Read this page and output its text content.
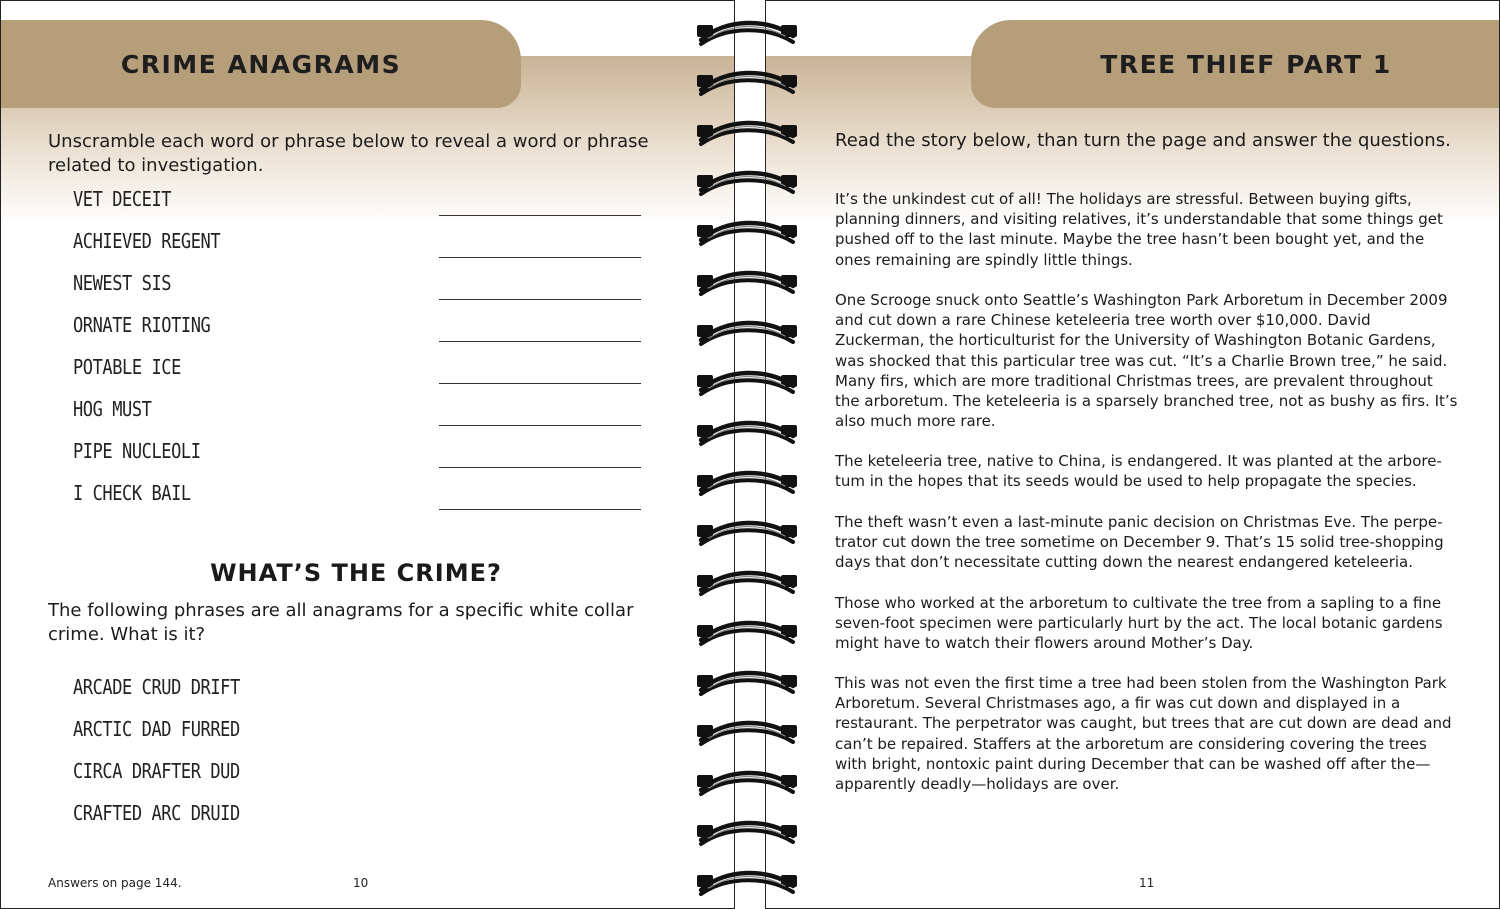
CRIME ANAGRAMS
Unscramble each word or phrase below to reveal a word or phrase related to investigation.
VET DECEIT
ACHIEVED REGENT
NEWEST SIS
ORNATE RIOTING
POTABLE ICE
HOG MUST
PIPE NUCLEOLI
I CHECK BAIL
WHAT’S THE CRIME?
The following phrases are all anagrams for a specific white collar crime. What is it?
ARCADE CRUD DRIFT
ARCTIC DAD FURRED
CIRCA DRAFTER DUD
CRAFTED ARC DRUID
Answers on page 144.	10
TREE THIEF PART 1
Read the story below, than turn the page and answer the questions.

It’s the unkindest cut of all! The holidays are stressful. Between buying gifts, planning dinners, and visiting relatives, it’s understandable that some things get pushed off to the last minute. Maybe the tree hasn’t been bought yet, and the ones remaining are spindly little things.

One Scrooge snuck onto Seattle’s Washington Park Arboretum in December 2009 and cut down a rare Chinese keteleeria tree worth over $10,000. David Zuckerman, the horticulturist for the University of Washington Botanic Gardens, was shocked that this particular tree was cut. “It’s a Charlie Brown tree,” he said. Many firs, which are more traditional Christmas trees, are prevalent throughout the arboretum. The keteleeria is a sparsely branched tree, not as bushy as firs. It’s also much more rare.

The keteleeria tree, native to China, is endangered. It was planted at the arbore-tum in the hopes that its seeds would be used to help propagate the species.

The theft wasn’t even a last-minute panic decision on Christmas Eve. The perpe-trator cut down the tree sometime on December 9. That’s 15 solid tree-shopping days that don’t necessitate cutting down the nearest endangered keteleeria.

Those who worked at the arboretum to cultivate the tree from a sapling to a fine seven-foot specimen were particularly hurt by the act. The local botanic gardens might have to watch their flowers around Mother’s Day.

This was not even the first time a tree had been stolen from the Washington Park Arboretum. Several Christmases ago, a fir was cut down and displayed in a restaurant. The perpetrator was caught, but trees that are cut down are dead and can’t be repaired. Staffers at the arboretum are considering covering the trees with bright, nontoxic paint during December that can be washed off after the—apparently deadly—holidays are over.

11
